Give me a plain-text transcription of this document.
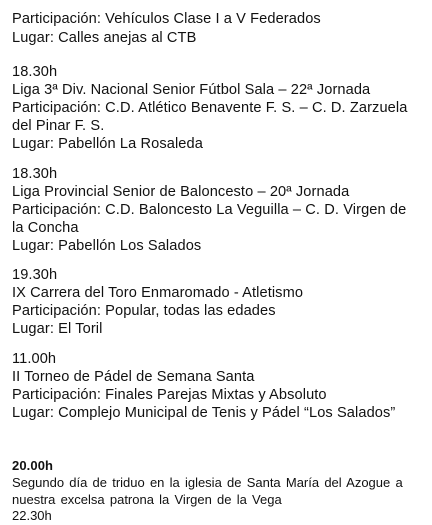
Participación: Vehículos Clase I a V Federados
Lugar: Calles anejas al CTB
18.30h
Liga 3ª Div. Nacional Senior Fútbol Sala – 22ª Jornada
Participación: C.D. Atlético Benavente F. S. – C. D. Zarzuela
del Pinar F. S.
Lugar: Pabellón La Rosaleda
18.30h
Liga Provincial Senior de Baloncesto – 20ª Jornada
Participación: C.D. Baloncesto La Veguilla – C. D. Virgen de
la Concha
Lugar: Pabellón Los Salados
19.30h
IX Carrera del Toro Enmaromado - Atletismo
Participación: Popular, todas las edades
Lugar: El Toril
11.00h
II Torneo de Pádel de Semana Santa
Participación: Finales Parejas Mixtas y Absoluto
Lugar: Complejo Municipal de Tenis y Pádel “Los Salados”
20.00h
Segundo día de triduo en la iglesia de Santa María del Azogue a
nuestra excelsa patrona la Virgen de la Vega
22.30h
